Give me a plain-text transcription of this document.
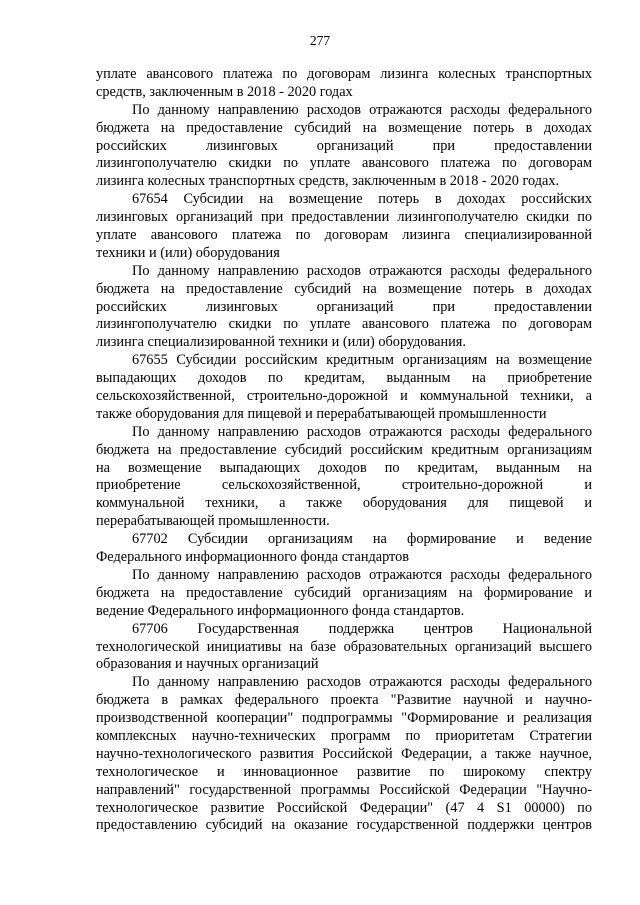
277
уплате авансового платежа по договорам лизинга колесных транспортных
средств, заключенным в 2018 - 2020 годах
По данному направлению расходов отражаются расходы федерального
бюджета на предоставление субсидий на возмещение потерь в доходах
российских лизинговых организаций при предоставлении
лизингополучателю скидки по уплате авансового платежа по договорам
лизинга колесных транспортных средств, заключенным в 2018 - 2020 годах.
67654 Субсидии на возмещение потерь в доходах российских
лизинговых организаций при предоставлении лизингополучателю скидки по
уплате авансового платежа по договорам лизинга специализированной
техники и (или) оборудования
По данному направлению расходов отражаются расходы федерального
бюджета на предоставление субсидий на возмещение потерь в доходах
российских лизинговых организаций при предоставлении
лизингополучателю скидки по уплате авансового платежа по договорам
лизинга специализированной техники и (или) оборудования.
67655 Субсидии российским кредитным организациям на возмещение
выпадающих доходов по кредитам, выданным на приобретение
сельскохозяйственной, строительно-дорожной и коммунальной техники, а
также оборудования для пищевой и перерабатывающей промышленности
По данному направлению расходов отражаются расходы федерального
бюджета на предоставление субсидий российским кредитным организациям
на возмещение выпадающих доходов по кредитам, выданным на
приобретение сельскохозяйственной, строительно-дорожной и
коммунальной техники, а также оборудования для пищевой и
перерабатывающей промышленности.
67702 Субсидии организациям на формирование и ведение
Федерального информационного фонда стандартов
По данному направлению расходов отражаются расходы федерального
бюджета на предоставление субсидий организациям на формирование и
ведение Федерального информационного фонда стандартов.
67706 Государственная поддержка центров Национальной
технологической инициативы на базе образовательных организаций высшего
образования и научных организаций
По данному направлению расходов отражаются расходы федерального
бюджета в рамках федерального проекта "Развитие научной и научно-
производственной кооперации" подпрограммы "Формирование и реализация
комплексных научно-технических программ по приоритетам Стратегии
научно-технологического развития Российской Федерации, а также научное,
технологическое и инновационное развитие по широкому спектру
направлений" государственной программы Российской Федерации "Научно-
технологическое развитие Российской Федерации" (47 4 S1 00000) по
предоставлению субсидий на оказание государственной поддержки центров
